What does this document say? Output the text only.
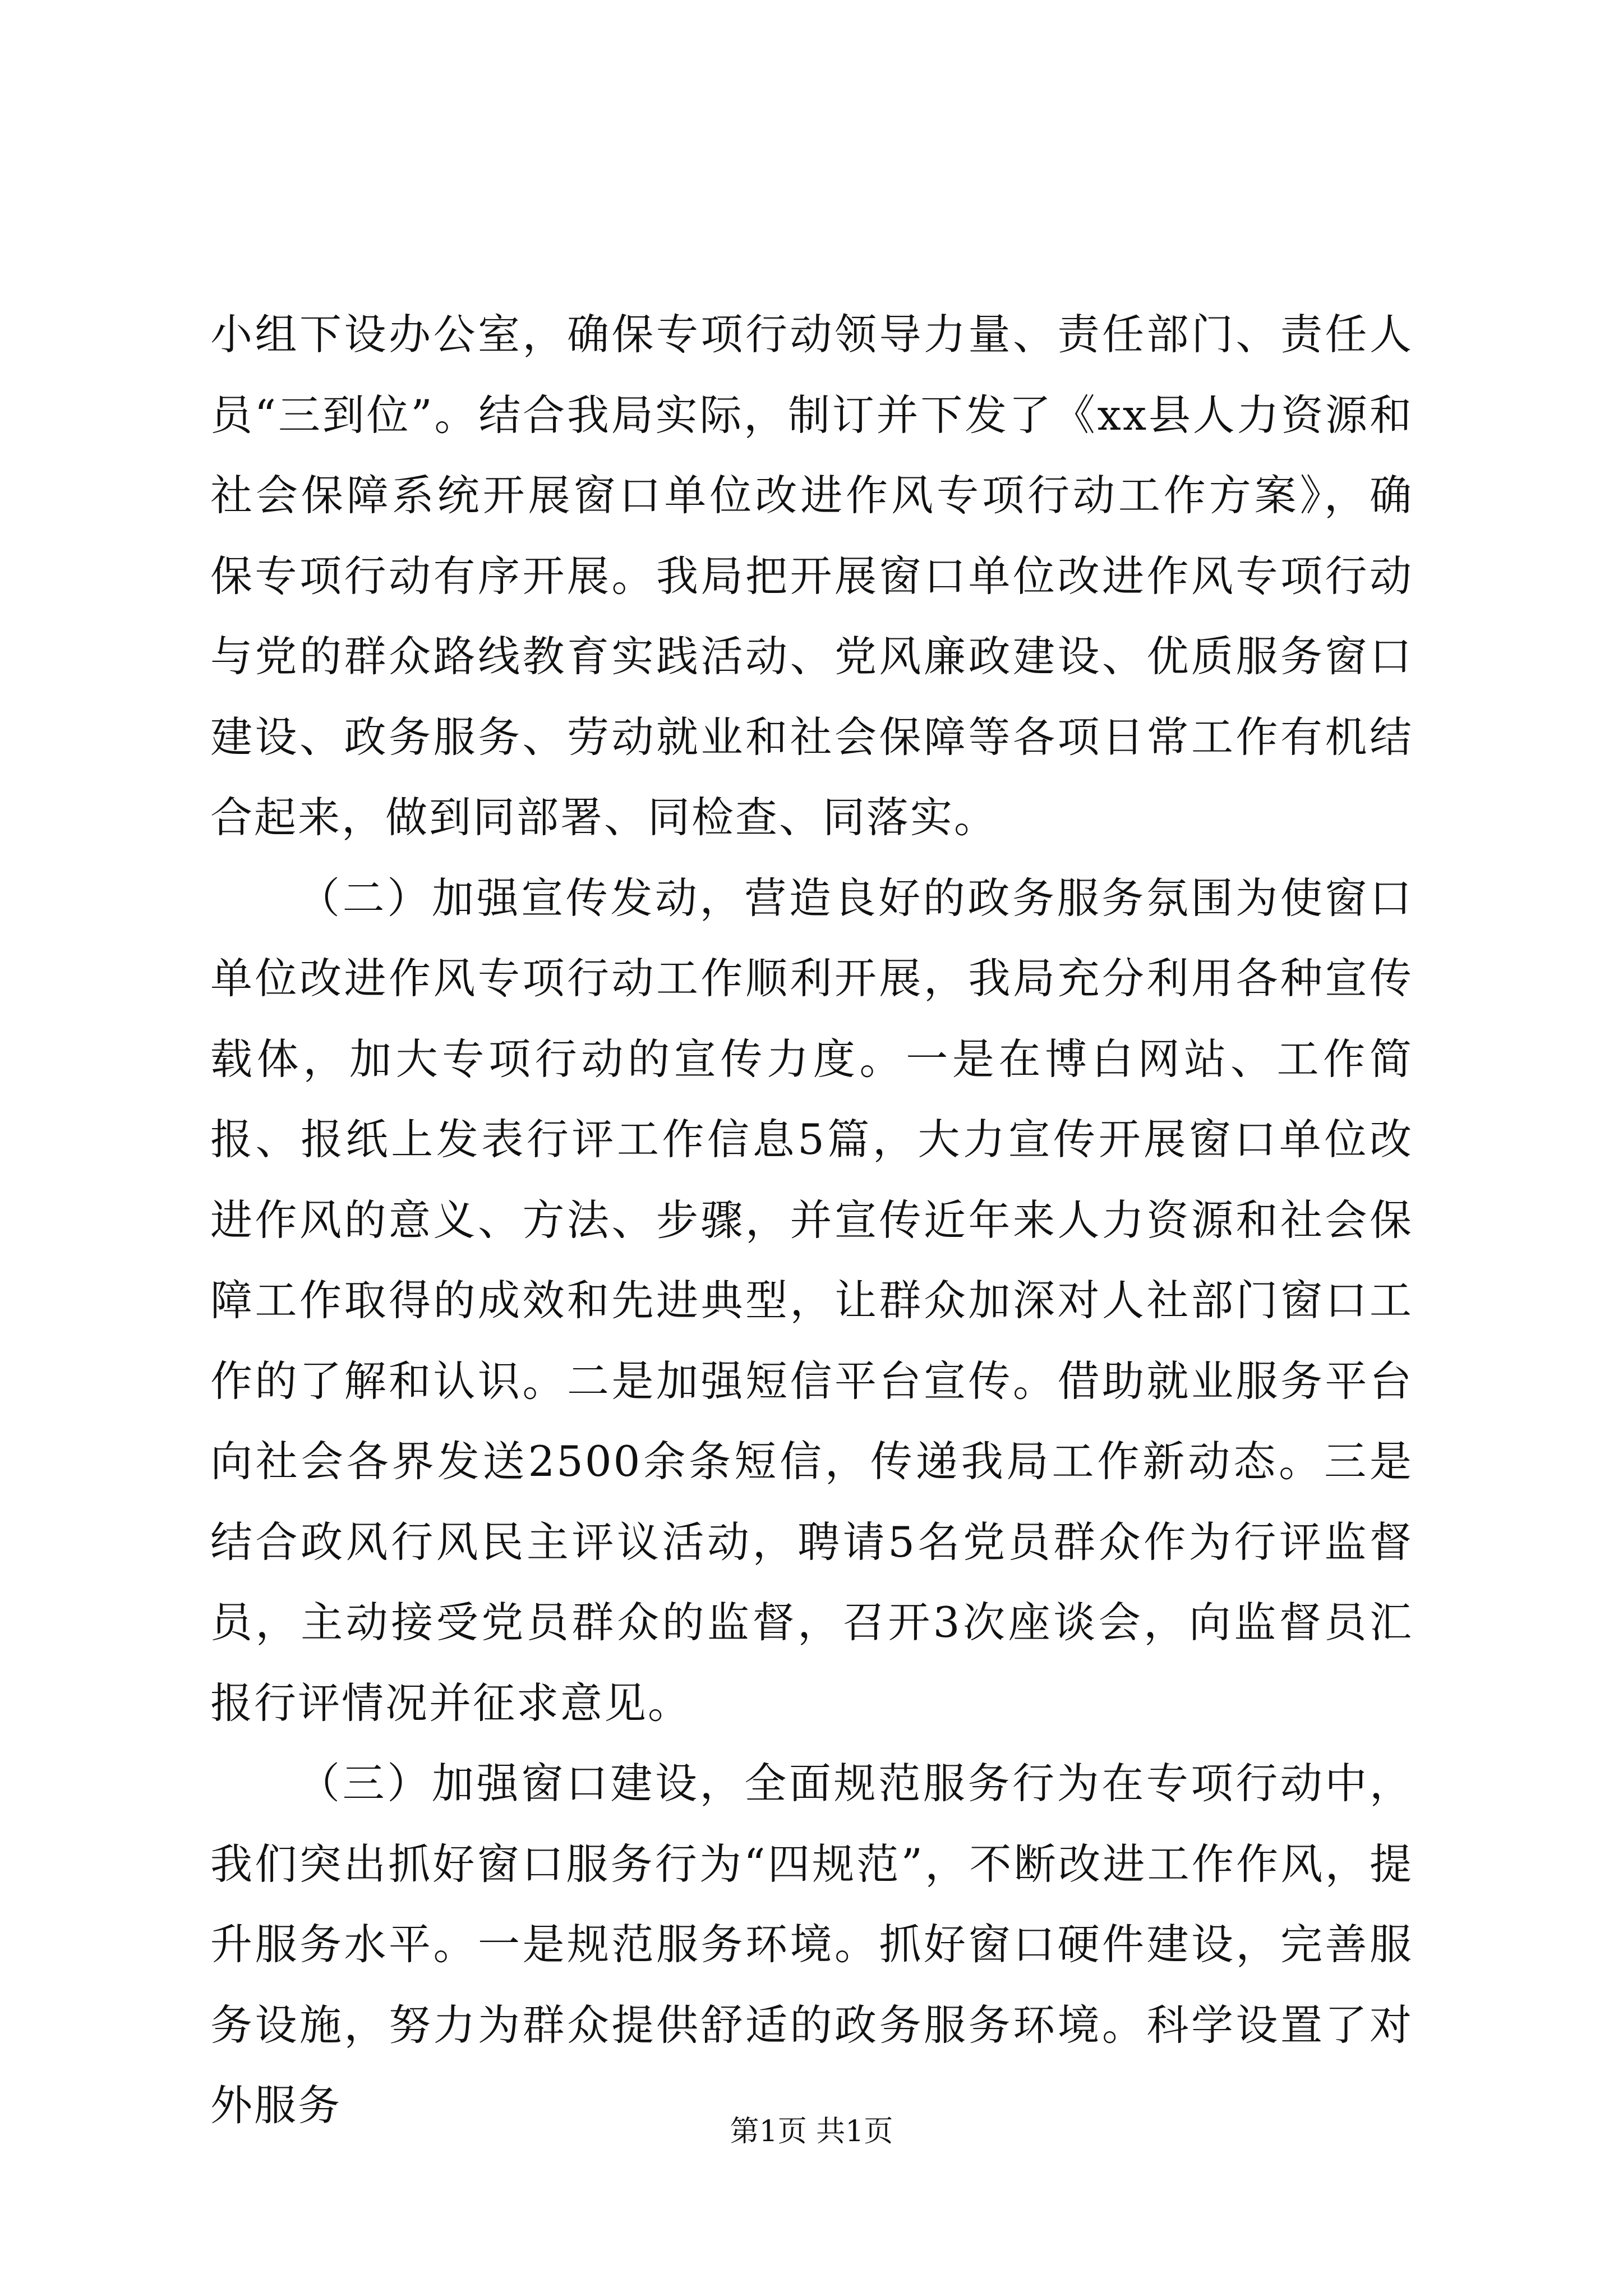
小组下设办公室，确保专项行动领导力量、责任部门、责任人员“三到位”。结合我局实际，制订并下发了《xx县人力资源和社会保障系统开展窗口单位改进作风专项行动工作方案》，确保专项行动有序开展。我局把开展窗口单位改进作风专项行动与党的群众路线教育实践活动、党风廉政建设、优质服务窗口建设、政务服务、劳动就业和社会保障等各项日常工作有机结合起来，做到同部署、同检查、同落实。

（二）加强宣传发动，营造良好的政务服务氛围为使窗口单位改进作风专项行动工作顺利开展，我局充分利用各种宣传载体，加大专项行动的宣传力度。一是在博白网站、工作简报、报纸上发表行评工作信息5篇，大力宣传开展窗口单位改进作风的意义、方法、步骤，并宣传近年来人力资源和社会保障工作取得的成效和先进典型，让群众加深对人社部门窗口工作的了解和认识。二是加强短信平台宣传。借助就业服务平台向社会各界发送2500余条短信，传递我局工作新动态。三是结合政风行风民主评议活动，聘请5名党员群众作为行评监督员，主动接受党员群众的监督，召开3次座谈会，向监督员汇报行评情况并征求意见。

（三）加强窗口建设，全面规范服务行为在专项行动中，我们突出抓好窗口服务行为“四规范”，不断改进工作作风，提升服务水平。一是规范服务环境。抓好窗口硬件建设，完善服务设施，努力为群众提供舒适的政务服务环境。科学设置了对外服务

第1页 共1页
